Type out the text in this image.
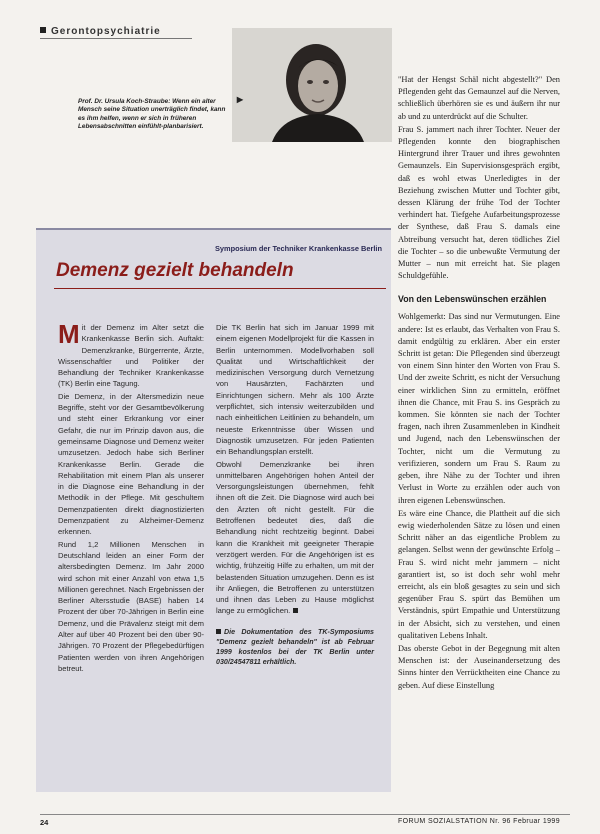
Gerontopsychiatrie
Prof. Dr. Ursula Koch-Straube: Wenn ein alter Mensch seine Situation unerträglich findet, kann es ihm helfen, wenn er sich in früheren Lebensabschnitten einfühlt-planbarisiert.
▶

"Hat der Hengst Schäl nicht abgestellt?" Den Pflegenden geht das Gemaunzel auf die Nerven, schließlich überhören sie es und äußern ihr nur ab und zu unterdrückt auf die Schulter.

Frau S. jammert nach ihrer Tochter. Neuer der Pflegenden konnte den biographischen Hintergrund ihrer Trauer und ihres gewohnten Gemaunzels. Ein Supervisionsgespräch ergibt, daß es wohl etwas Unerledigtes in der Beziehung zwischen Mutter und Tochter gibt, dessen Klärung der frühe Tod der Tochter verhindert hat. Tiefgehe Aufarbeitungsprozesse der Synthese, daß Frau S. damals eine Abtreibung versucht hat, deren tödliches Ziel die Tochter – so die unbewußte Vermutung der Mutter – nun mit erreicht hat. Sie plagen Schuldgefühle.

Von den Lebenswünschen erzählen

Wohlgemerkt: Das sind nur Vermutungen. Eine andere: Ist es erlaubt, das Verhalten von Frau S. damit endgültig zu erklären. Aber ein erster Schritt ist getan: Die Pflegenden sind überzeugt von einem Sinn hinter den Worten von Frau S. Und der zweite Schritt, es nicht der Versuchung einer wirklichen Sinn zu ermitteln, eröffnet ihnen die Chance, mit Frau S. ins Gespräch zu kommen. Sie könnten sie nach der Tochter fragen, nach ihren Zusammenleben in Kindheit und Jugend, nach den Lebenswünschen der Tochter, nicht um die Vermutung zu verifizieren, sondern um Frau S. Raum zu geben, ihre Nähe zu der Tochter und ihren Verlust in Worte zu erzählen oder auch von ihren eigenen Lebenswünschen.

Es wäre eine Chance, die Plattheit auf die sich ewig wiederholenden Sätze zu lösen und einen Schritt näher an das eigentliche Problem zu gelangen. Selbst wenn der gewünschte Erfolg – Frau S. wird nicht mehr jammern – nicht garantiert ist, so ist doch sehr wohl mehr erreicht, als ein bloß gesagtes zu sein und sich gegenüber Frau S. spürt das Bemühen um Verständnis, spürt Empathie und Unterstützung in der Absicht, sich zu verstehen, und einen qualitativen Lebens Inhalt.

Das oberste Gebot in der Begegnung mit alten Menschen ist: der Auseinandersetzung des Sinns hinter den Verrücktheiten eine Chance zu geben. Auf diese Einstellung

Symposium der Techniker Krankenkasse Berlin
Demenz gezielt behandeln

Mit der Demenz im Alter setzt die Krankenkasse Berlin sich. Auftakt: Demenzkranke, Bürgerrente, Ärzte, Wissenschaftler und Politiker der Behandlung der Techniker Krankenkasse (TK) Berlin eine Tagung.

Die Demenz, in der Altersmedizin neue Begriffe, steht vor der Gesamtbevölkerung und steht einer Erkrankung vor einer Gefahr, die nur im Prinzip davon aus, die gemeinsame Diagnose und Demenz weiter umzusetzen. Jedoch habe sich Berliner Krankenkasse Berlin. Gerade die Rehabilitation mit einem Plan als unserer in die Diagnose eine Behandlung in der Methodik in der Pflege. Mit geschultem Demenzpatienten direkt diagnostizierten Demenzpatient zu Alzheimer-Demenz erkennen.

Rund 1,2 Millionen Menschen in Deutschland leiden an einer Form der altersbedingten Demenz. Im Jahr 2000 wird schon mit einer Anzahl von etwa 1,5 Millionen gerechnet. Nach Ergebnissen der Berliner Altersstudie (BASE) haben 14 Prozent der über 70-Jährigen in Berlin eine Demenz, und die Prävalenz steigt mit dem Alter auf über 40 Prozent bei den über 90-Jährigen. 70 Prozent der Pflegebedürftigen Patienten werden von ihren Angehörigen betreut.

Die TK Berlin hat sich im Januar 1999 mit einem eigenen Modellprojekt für die Kassen in Berlin unternommen. Modellvorhaben soll Qualität und Wirtschaftlichkeit der medizinischen Versorgung durch Vernetzung von Hausärzten, Fachärzten und Einrichtungen sichern. Mehr als 100 Ärzte verpflichtet, sich intensiv weiterzubilden und nach einheitlichen Leitlinien zu behandeln, um neueste Erkenntnisse über Wissen und Diagnostik umzusetzen. Für jeden Patienten ein Behandlungsplan erstellt.

Obwohl Demenzkranke bei ihren unmittelbaren Angehörigen hohen Anteil der Versorgungsleistungen übernehmen, fehlt ihnen oft die Zeit. Die Diagnose wird auch bei den Ärzten oft nicht gestellt. Für die Betroffenen bedeutet dies, daß die Behandlung nicht rechtzeitig beginnt. Dabei kann die Krankheit mit geeigneter Therapie verzögert werden. Für die Angehörigen ist es wichtig, frühzeitig Hilfe zu erhalten, um mit der belastenden Situation umzugehen. Denn es ist ihr Anliegen, die Betroffenen zu unterstützen und ihnen das Leben zu Hause möglichst lange zu ermöglichen.

Die Dokumentation des TK-Symposiums "Demenz gezielt behandeln" ist ab Februar 1999 kostenlos bei der TK Berlin unter 030/24547811 erhältlich.

24	FORUM SOZIALSTATION Nr. 96 Februar 1999
